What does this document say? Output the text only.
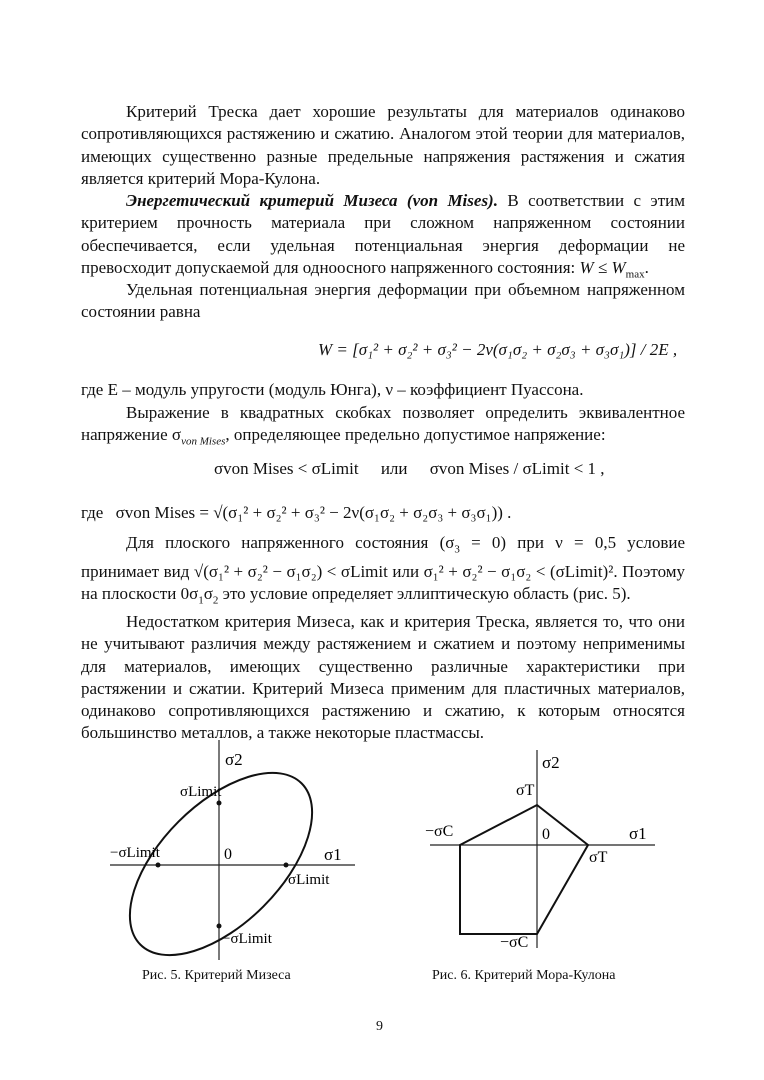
Критерий Треска дает хорошие результаты для материалов одинаково сопротивляющихся растяжению и сжатию. Аналогом этой теории для материалов, имеющих существенно разные предельные напряжения растяжения и сжатия является критерий Мора-Кулона.

Энергетический критерий Мизеса (von Mises). В соответствии с этим критерием прочность материала при сложном напряженном состоянии обеспечивается, если удельная потенциальная энергия деформации не превосходит допускаемой для одноосного напряженного состояния: $W \le W_{max}$.

Удельная потенциальная энергия деформации при объемном напряженном состоянии равна

W = [σ₁² + σ₂² + σ₃² − 2ν(σ₁σ₂ + σ₂σ₃ + σ₃σ₁)] / 2E ,

где E – модуль упругости (модуль Юнга), ν – коэффициент Пуассона.

Выражение в квадратных скобках позволяет определить эквивалентное напряжение $\sigma_{von Mises}$, определяющее предельно допустимое напряжение:

σvon Mises < σLimit или σvon Mises / σLimit < 1 ,
где σvon Mises = √(σ₁² + σ₂² + σ₃² − 2ν(σ₁σ₂ + σ₂σ₃ + σ₃σ₁)) .

Для плоского напряженного состояния $(\sigma_3 = 0)$ при ν = 0,5 условие принимает вид √(σ₁² + σ₂² − σ₁σ₂) < σLimit или σ₁² + σ₂² − σ₁σ₂ < (σLimit)². Поэтому на плоскости $0\sigma_1\sigma_2$ это условие определяет эллиптическую область (рис. 5).

Недостатком критерия Мизеса, как и критерия Треска, является то, что они не учитывают различия между растяжением и сжатием и поэтому неприменимы для материалов, имеющих существенно различные характеристики при растяжении и сжатии. Критерий Мизеса применим для пластичных материалов, одинаково сопротивляющихся растяжению и сжатию, к которым относятся большинство металлов, а также некоторые пластмассы.

σ2
σ1
0
σLimit
σLimit
−σLimit
−σLimit
σ2
σ1
0
σT
σT
−σC
−σC
Рис. 5. Критерий Мизеса	Рис. 6. Критерий Мора-Кулона
9
